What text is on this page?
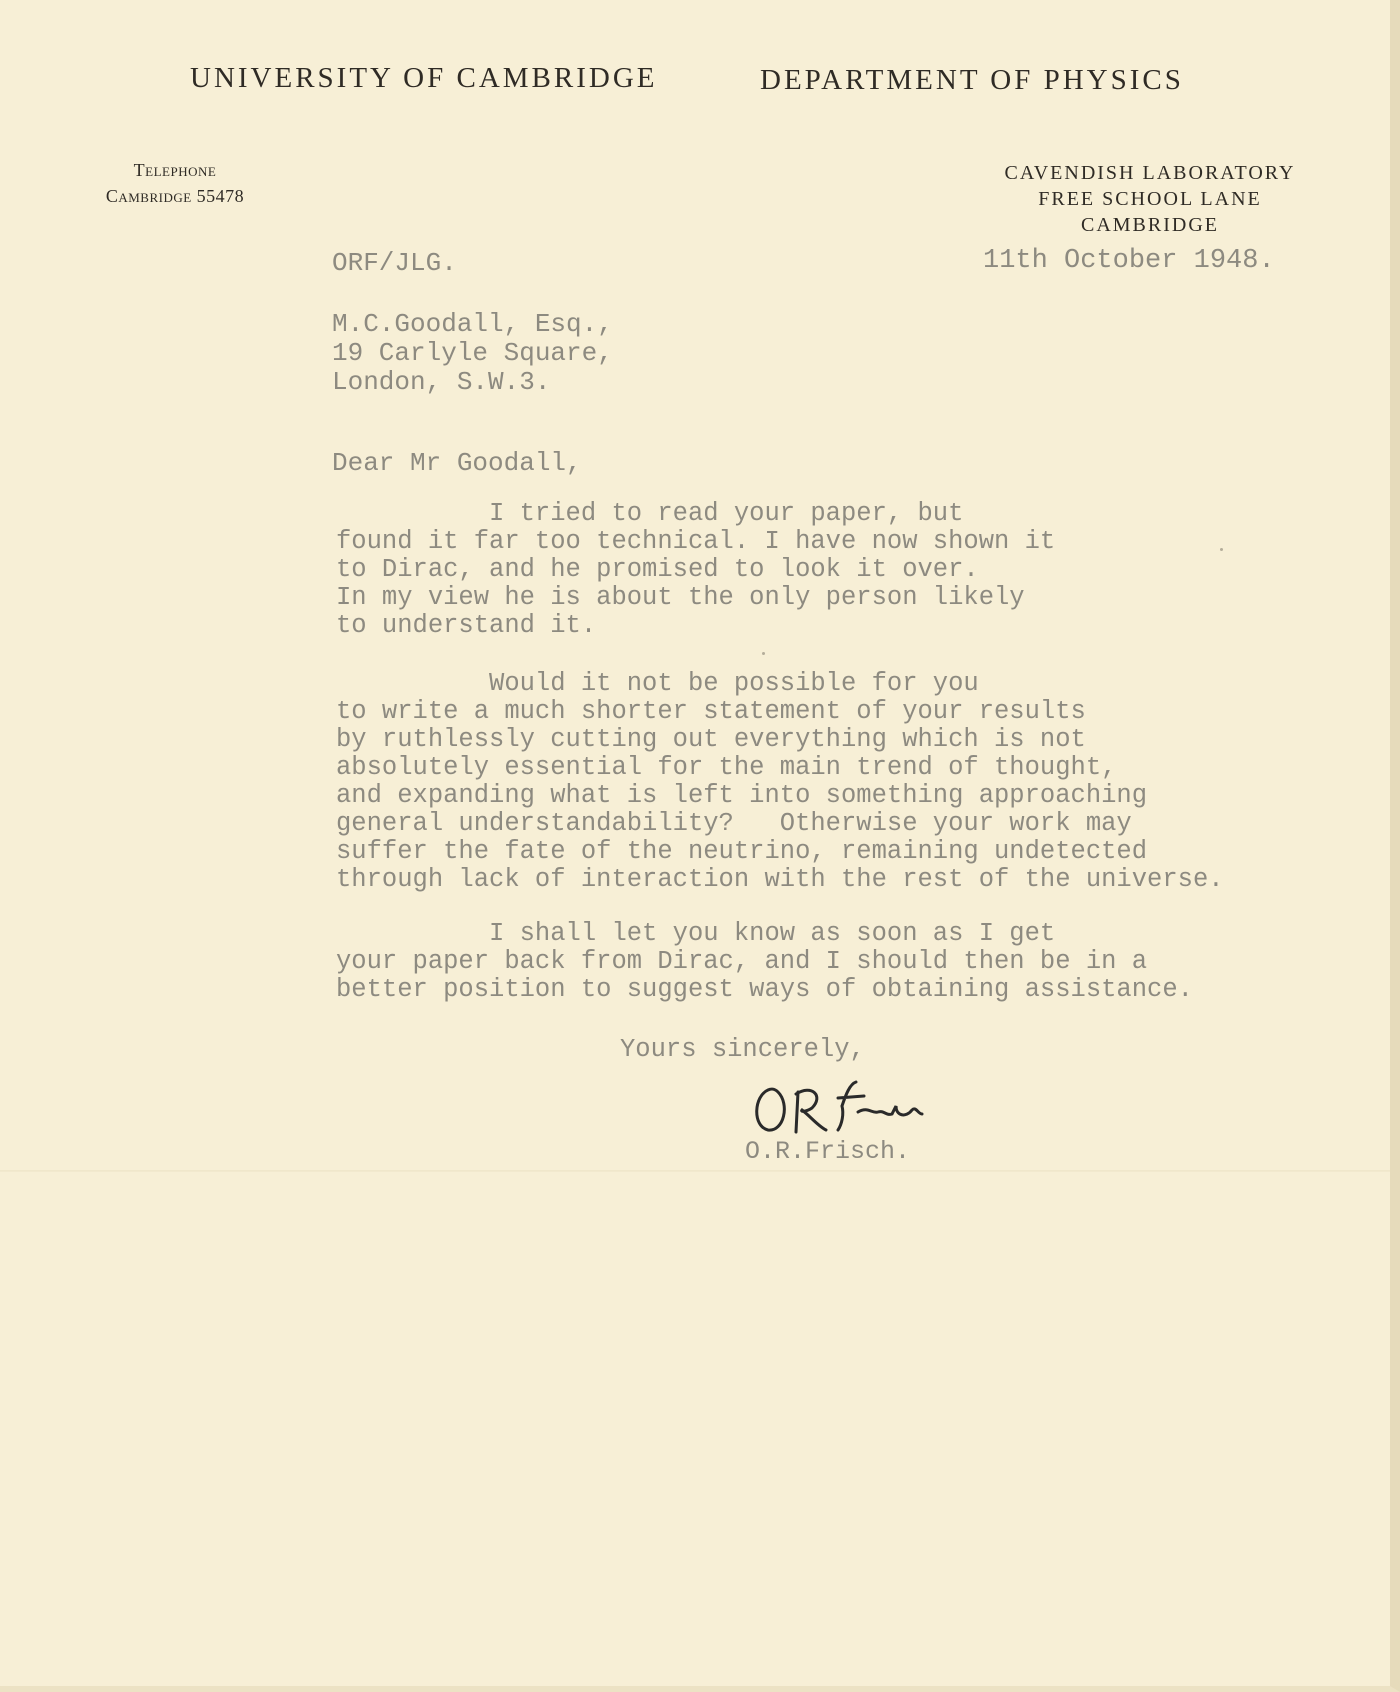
UNIVERSITY OF CAMBRIDGE	DEPARTMENT OF PHYSICS
Telephone
Cambridge 55478
CAVENDISH LABORATORY
FREE SCHOOL LANE
CAMBRIDGE

ORF/JLG.	11th October 1948.

M.C.Goodall, Esq.,
19 Carlyle Square,
London, S.W.3.

Dear Mr Goodall,

I tried to read your paper, but
found it far too technical. I have now shown it
to Dirac, and he promised to look it over.
In my view he is about the only person likely
to understand it.
Would it not be possible for you
to write a much shorter statement of your results
by ruthlessly cutting out everything which is not
absolutely essential for the main trend of thought,
and expanding what is left into something approaching
general understandability?   Otherwise your work may
suffer the fate of the neutrino, remaining undetected
through lack of interaction with the rest of the universe.
I shall let you know as soon as I get
your paper back from Dirac, and I should then be in a
better position to suggest ways of obtaining assistance.

Yours sincerely,

O.R.Frisch.
